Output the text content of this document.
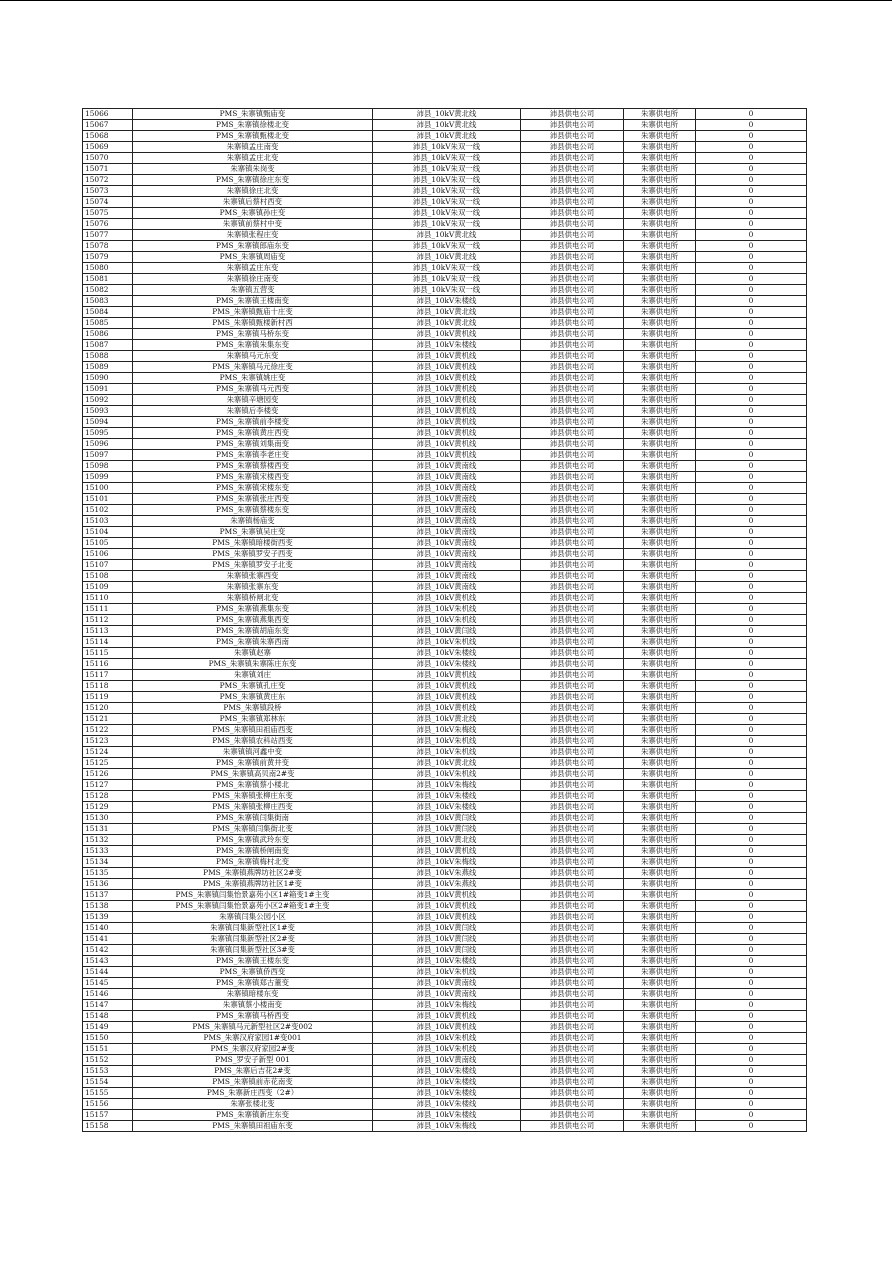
15066	PMS_朱寨镇甄庙变	沛县_10kV黄北线	沛县供电公司	朱寨供电所	0
15067	PMS_朱寨镇徐楼北变	沛县_10kV黄北线	沛县供电公司	朱寨供电所	0
15068	PMS_朱寨镇甄楼北变	沛县_10kV黄北线	沛县供电公司	朱寨供电所	0
15069	朱寨镇孟庄南变	沛县_10kV朱双一线	沛县供电公司	朱寨供电所	0
15070	朱寨镇孟庄北变	沛县_10kV朱双一线	沛县供电公司	朱寨供电所	0
15071	朱寨镇朱岗变	沛县_10kV朱双一线	沛县供电公司	朱寨供电所	0
15072	PMS_朱寨镇徐庄东变	沛县_10kV朱双一线	沛县供电公司	朱寨供电所	0
15073	朱寨镇徐庄北变	沛县_10kV朱双一线	沛县供电公司	朱寨供电所	0
15074	朱寨镇后蔡村西变	沛县_10kV朱双一线	沛县供电公司	朱寨供电所	0
15075	PMS_朱寨镇孙庄变	沛县_10kV朱双一线	沛县供电公司	朱寨供电所	0
15076	朱寨镇前蔡村中变	沛县_10kV朱双一线	沛县供电公司	朱寨供电所	0
15077	朱寨镇张程庄变	沛县_10kV黄北线	沛县供电公司	朱寨供电所	0
15078	PMS_朱寨镇郎庙东变	沛县_10kV朱双一线	沛县供电公司	朱寨供电所	0
15079	PMS_朱寨镇周庙变	沛县_10kV黄北线	沛县供电公司	朱寨供电所	0
15080	朱寨镇孟庄东变	沛县_10kV朱双一线	沛县供电公司	朱寨供电所	0
15081	朱寨镇徐庄南变	沛县_10kV朱双一线	沛县供电公司	朱寨供电所	0
15082	朱寨镇五营变	沛县_10kV朱双一线	沛县供电公司	朱寨供电所	0
15083	PMS_朱寨镇王楼南变	沛县_10kV朱楼线	沛县供电公司	朱寨供电所	0
15084	PMS_朱寨镇甄庙十庄变	沛县_10kV黄北线	沛县供电公司	朱寨供电所	0
15085	PMS_朱寨镇甄楼新村西	沛县_10kV黄北线	沛县供电公司	朱寨供电所	0
15086	PMS_朱寨镇马桥东变	沛县_10kV黄机线	沛县供电公司	朱寨供电所	0
15087	PMS_朱寨镇朱集东变	沛县_10kV朱楼线	沛县供电公司	朱寨供电所	0
15088	朱寨镇马元东变	沛县_10kV黄机线	沛县供电公司	朱寨供电所	0
15089	PMS_朱寨镇马元徐庄变	沛县_10kV黄机线	沛县供电公司	朱寨供电所	0
15090	PMS_朱寨镇姚庄变	沛县_10kV黄机线	沛县供电公司	朱寨供电所	0
15091	PMS_朱寨镇马元西变	沛县_10kV黄机线	沛县供电公司	朱寨供电所	0
15092	朱寨镇辛塘园变	沛县_10kV黄机线	沛县供电公司	朱寨供电所	0
15093	朱寨镇后李楼变	沛县_10kV黄机线	沛县供电公司	朱寨供电所	0
15094	PMS_朱寨镇前李楼变	沛县_10kV黄机线	沛县供电公司	朱寨供电所	0
15095	PMS_朱寨镇黄庄西变	沛县_10kV黄机线	沛县供电公司	朱寨供电所	0
15096	PMS_朱寨镇刘集南变	沛县_10kV黄机线	沛县供电公司	朱寨供电所	0
15097	PMS_朱寨镇李老庄变	沛县_10kV黄机线	沛县供电公司	朱寨供电所	0
15098	PMS_朱寨镇蔡楼西变	沛县_10kV黄南线	沛县供电公司	朱寨供电所	0
15099	PMS_朱寨镇宋楼西变	沛县_10kV黄南线	沛县供电公司	朱寨供电所	0
15100	PMS_朱寨镇宋楼东变	沛县_10kV黄南线	沛县供电公司	朱寨供电所	0
15101	PMS_朱寨镇张庄西变	沛县_10kV黄南线	沛县供电公司	朱寨供电所	0
15102	PMS_朱寨镇蔡楼东变	沛县_10kV黄南线	沛县供电公司	朱寨供电所	0
15103	朱寨镇杨庙变	沛县_10kV黄南线	沛县供电公司	朱寨供电所	0
15104	PMS_朱寨镇吴庄变	沛县_10kV黄南线	沛县供电公司	朱寨供电所	0
15105	PMS_朱寨镇暗楼街西变	沛县_10kV黄南线	沛县供电公司	朱寨供电所	0
15106	PMS_朱寨镇罗安子西变	沛县_10kV黄南线	沛县供电公司	朱寨供电所	0
15107	PMS_朱寨镇罗安子北变	沛县_10kV黄南线	沛县供电公司	朱寨供电所	0
15108	朱寨镇张寨西变	沛县_10kV黄南线	沛县供电公司	朱寨供电所	0
15109	朱寨镇张寨东变	沛县_10kV黄南线	沛县供电公司	朱寨供电所	0
15110	朱寨镇桥闸北变	沛县_10kV黄机线	沛县供电公司	朱寨供电所	0
15111	PMS_朱寨镇燕集东变	沛县_10kV朱机线	沛县供电公司	朱寨供电所	0
15112	PMS_朱寨镇燕集西变	沛县_10kV朱机线	沛县供电公司	朱寨供电所	0
15113	PMS_朱寨镇胡庙东变	沛县_10kV黄闫线	沛县供电公司	朱寨供电所	0
15114	PMS_朱寨镇朱寨西南	沛县_10kV朱机线	沛县供电公司	朱寨供电所	0
15115	朱寨镇赵寨	沛县_10kV朱楼线	沛县供电公司	朱寨供电所	0
15116	PMS_朱寨镇朱寨陈庄东变	沛县_10kV朱楼线	沛县供电公司	朱寨供电所	0
15117	朱寨镇刘庄	沛县_10kV黄机线	沛县供电公司	朱寨供电所	0
15118	PMS_朱寨镇孔庄变	沛县_10kV黄机线	沛县供电公司	朱寨供电所	0
15119	PMS_朱寨镇黄庄东	沛县_10kV黄机线	沛县供电公司	朱寨供电所	0
15120	PMS_朱寨镇段桥	沛县_10kV黄机线	沛县供电公司	朱寨供电所	0
15121	PMS_朱寨镇郑林东	沛县_10kV黄北线	沛县供电公司	朱寨供电所	0
15122	PMS_朱寨镇田祖庙西变	沛县_10kV朱梅线	沛县供电公司	朱寨供电所	0
15123	PMS_朱寨镇农科站西变	沛县_10kV朱机线	沛县供电公司	朱寨供电所	0
15124	朱寨镇镇河鑫中变	沛县_10kV朱机线	沛县供电公司	朱寨供电所	0
15125	PMS_朱寨镇前黄井变	沛县_10kV黄北线	沛县供电公司	朱寨供电所	0
15126	PMS_朱寨镇高贝南2#变	沛县_10kV朱机线	沛县供电公司	朱寨供电所	0
15127	PMS_朱寨镇蔡小楼北	沛县_10kV朱梅线	沛县供电公司	朱寨供电所	0
15128	PMS_朱寨镇张柳庄东变	沛县_10kV朱楼线	沛县供电公司	朱寨供电所	0
15129	PMS_朱寨镇张柳庄西变	沛县_10kV朱楼线	沛县供电公司	朱寨供电所	0
15130	PMS_朱寨镇闫集街南	沛县_10kV黄闫线	沛县供电公司	朱寨供电所	0
15131	PMS_朱寨镇闫集街北变	沛县_10kV黄闫线	沛县供电公司	朱寨供电所	0
15132	PMS_朱寨镇武玲东变	沛县_10kV黄北线	沛县供电公司	朱寨供电所	0
15133	PMS_朱寨镇桥闸南变	沛县_10kV黄机线	沛县供电公司	朱寨供电所	0
15134	PMS_朱寨镇梅村北变	沛县_10kV朱梅线	沛县供电公司	朱寨供电所	0
15135	PMS_朱寨镇燕牌坊社区2#变	沛县_10kV朱燕线	沛县供电公司	朱寨供电所	0
15136	PMS_朱寨镇燕牌坊社区1#变	沛县_10kV朱燕线	沛县供电公司	朱寨供电所	0
15137	PMS_朱寨镇闫集怡景嘉苑小区1#箱变1#主变	沛县_10kV黄机线	沛县供电公司	朱寨供电所	0
15138	PMS_朱寨镇闫集怡景嘉苑小区2#箱变1#主变	沛县_10kV黄机线	沛县供电公司	朱寨供电所	0
15139	朱寨镇闫集公园小区	沛县_10kV黄机线	沛县供电公司	朱寨供电所	0
15140	朱寨镇闫集新型社区1#变	沛县_10kV黄闫线	沛县供电公司	朱寨供电所	0
15141	朱寨镇闫集新型社区2#变	沛县_10kV黄闫线	沛县供电公司	朱寨供电所	0
15142	朱寨镇闫集新型社区3#变	沛县_10kV黄闫线	沛县供电公司	朱寨供电所	0
15143	PMS_朱寨镇王楼东变	沛县_10kV朱楼线	沛县供电公司	朱寨供电所	0
15144	PMS_朱寨镇侨西变	沛县_10kV朱机线	沛县供电公司	朱寨供电所	0
15145	PMS_朱寨镇郑古董变	沛县_10kV黄南线	沛县供电公司	朱寨供电所	0
15146	朱寨镇暗楼东变	沛县_10kV黄南线	沛县供电公司	朱寨供电所	0
15147	朱寨镇蔡小楼南变	沛县_10kV朱梅线	沛县供电公司	朱寨供电所	0
15148	PMS_朱寨镇马桥西变	沛县_10kV黄机线	沛县供电公司	朱寨供电所	0
15149	PMS_朱寨镇马元新型社区2#变002	沛县_10kV黄机线	沛县供电公司	朱寨供电所	0
15150	PMS_朱寨汉府家园1#变001	沛县_10kV朱机线	沛县供电公司	朱寨供电所	0
15151	PMS_朱寨汉府家园2#变	沛县_10kV朱机线	沛县供电公司	朱寨供电所	0
15152	PMS_罗安子新型 001	沛县_10kV黄南线	沛县供电公司	朱寨供电所	0
15153	PMS_朱寨后吉花2#变	沛县_10kV朱楼线	沛县供电公司	朱寨供电所	0
15154	PMS_朱寨镇前赤花南变	沛县_10kV朱楼线	沛县供电公司	朱寨供电所	0
15155	PMS_朱寨新庄西变（2#）	沛县_10kV朱楼线	沛县供电公司	朱寨供电所	0
15156	朱寨张楼北变	沛县_10kV朱楼线	沛县供电公司	朱寨供电所	0
15157	PMS_朱寨镇新庄东变	沛县_10kV朱楼线	沛县供电公司	朱寨供电所	0
15158	PMS_朱寨镇田祖庙东变	沛县_10kV朱梅线	沛县供电公司	朱寨供电所	0
